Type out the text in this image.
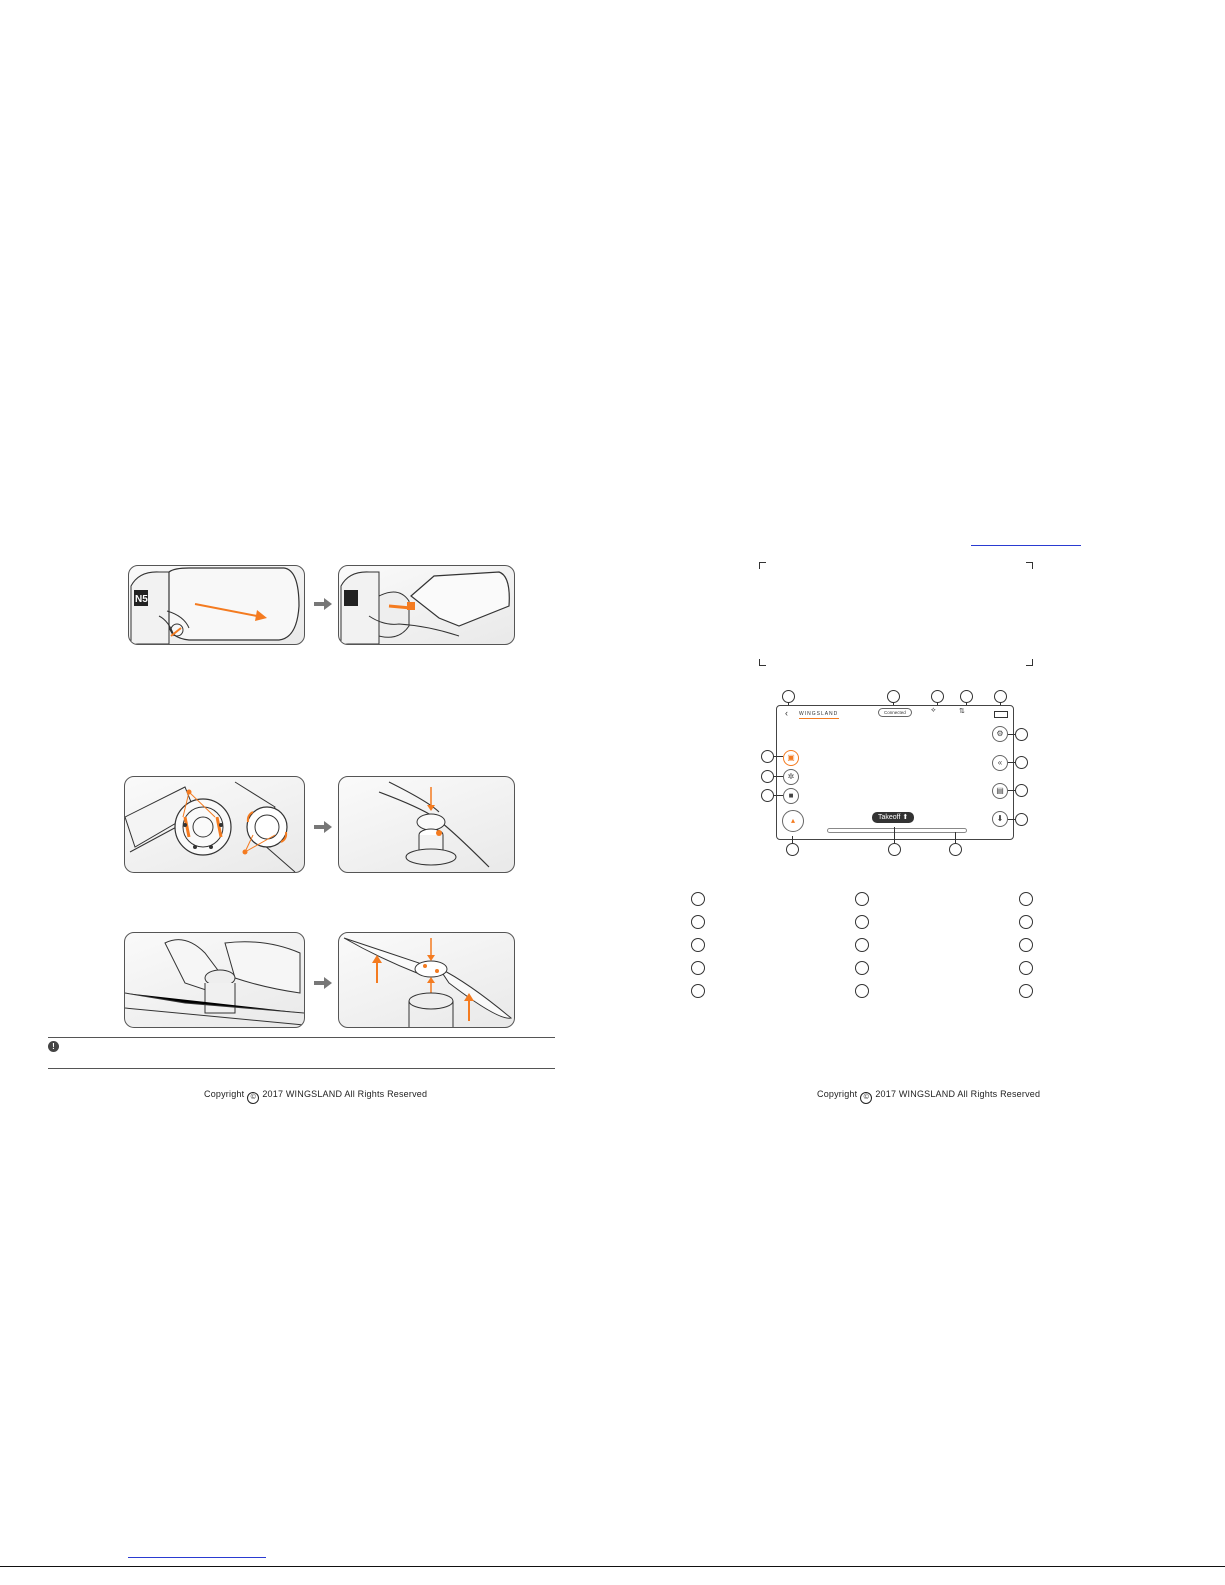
N5
!
Copyright © 2017 WINGSLAND All Rights Reserved
‹ WINGSLAND	Connected	⟡	⇅
▣
✲
■
▴
⚙
«
▤
⬇
Takeoff ⬆
Copyright © 2017 WINGSLAND All Rights Reserved
